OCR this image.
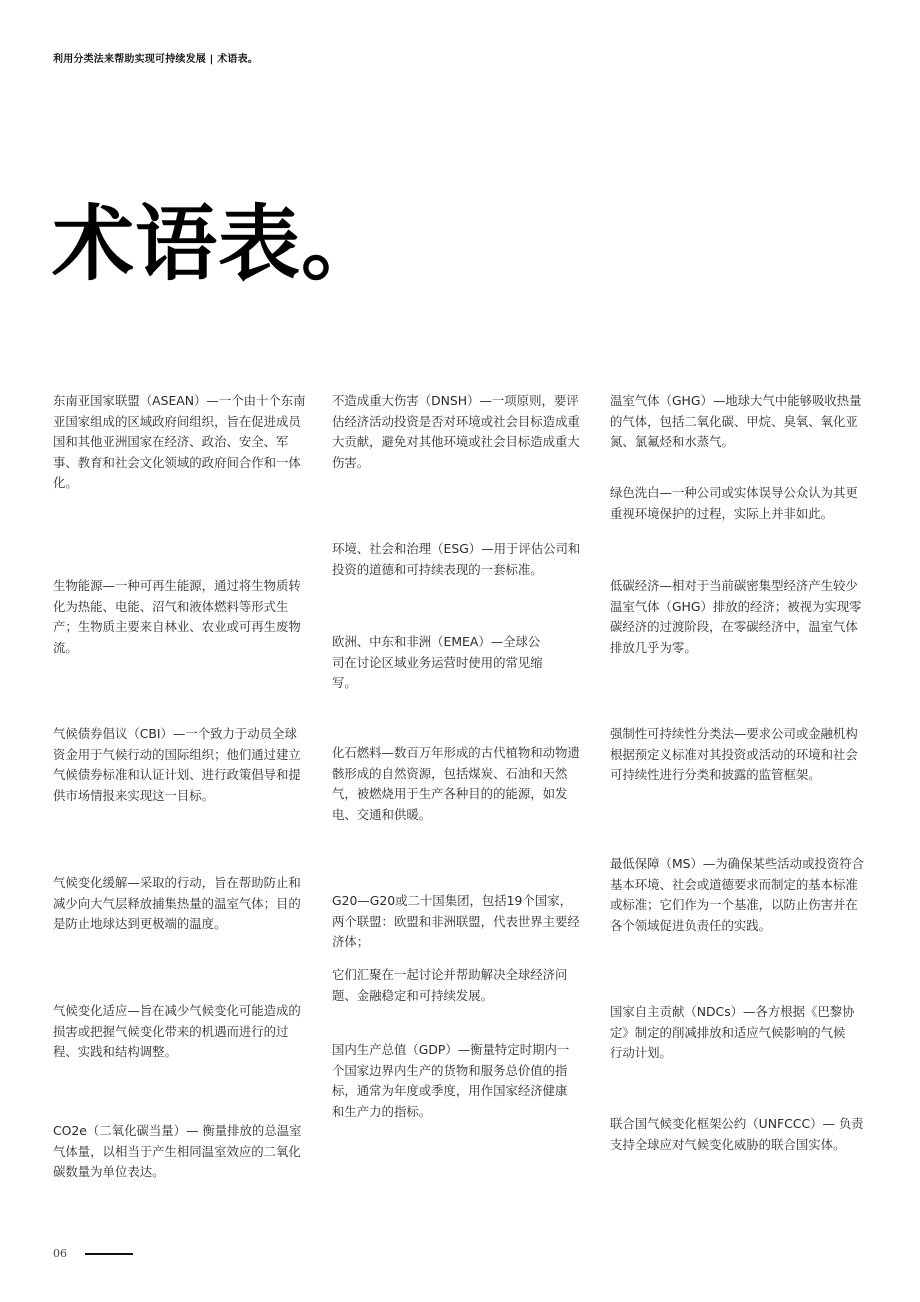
利用分类法来帮助实现可持续发展 | 术语表。
术语表。

东南亚国家联盟（ASEAN）—一个由十个东南亚国家组成的区域政府间组织，旨在促进成员国和其他亚洲国家在经济、政治、安全、军事、教育和社会文化领域的政府间合作和一体化。

生物能源—一种可再生能源，通过将生物质转化为热能、电能、沼气和液体燃料等形式生产；生物质主要来自林业、农业或可再生废物流。

气候债券倡议（CBI）—一个致力于动员全球资金用于气候行动的国际组织；他们通过建立气候债券标准和认证计划、进行政策倡导和提供市场情报来实现这一目标。

气候变化缓解—采取的行动，旨在帮助防止和减少向大气层释放捕集热量的温室气体；目的是防止地球达到更极端的温度。

气候变化适应—旨在减少气候变化可能造成的损害或把握气候变化带来的机遇而进行的过程、实践和结构调整。

CO2e（二氧化碳当量）— 衡量排放的总温室气体量，以相当于产生相同温室效应的二氧化碳数量为单位表达。

不造成重大伤害（DNSH）—一项原则，要评估经济活动投资是否对环境或社会目标造成重大贡献，避免对其他环境或社会目标造成重大伤害。

环境、社会和治理（ESG）—用于评估公司和投资的道德和可持续表现的一套标准。

欧洲、中东和非洲（EMEA）—全球公司在讨论区域业务运营时使用的常见缩写。

化石燃料—数百万年形成的古代植物和动物遗骸形成的自然资源，包括煤炭、石油和天然气，被燃烧用于生产各种目的的能源，如发电、交通和供暖。

G20—G20或二十国集团，包括19个国家，两个联盟：欧盟和非洲联盟，代表世界主要经济体；

它们汇聚在一起讨论并帮助解决全球经济问题、金融稳定和可持续发展。

国内生产总值（GDP）—衡量特定时期内一个国家边界内生产的货物和服务总价值的指标，通常为年度或季度，用作国家经济健康和生产力的指标。

温室气体（GHG）—地球大气中能够吸收热量的气体，包括二氧化碳、甲烷、臭氧、氧化亚氮、氯氟烃和水蒸气。

绿色洗白—一种公司或实体误导公众认为其更重视环境保护的过程，实际上并非如此。

低碳经济—相对于当前碳密集型经济产生较少温室气体（GHG）排放的经济；被视为实现零碳经济的过渡阶段，在零碳经济中，温室气体排放几乎为零。

强制性可持续性分类法—要求公司或金融机构根据预定义标准对其投资或活动的环境和社会可持续性进行分类和披露的监管框架。

最低保障（MS）—为确保某些活动或投资符合基本环境、社会或道德要求而制定的基本标准或标准；它们作为一个基准，以防止伤害并在各个领域促进负责任的实践。

国家自主贡献（NDCs）—各方根据《巴黎协定》制定的削减排放和适应气候影响的气候行动计划。

联合国气候变化框架公约（UNFCCC）— 负责支持全球应对气候变化威胁的联合国实体。

06
